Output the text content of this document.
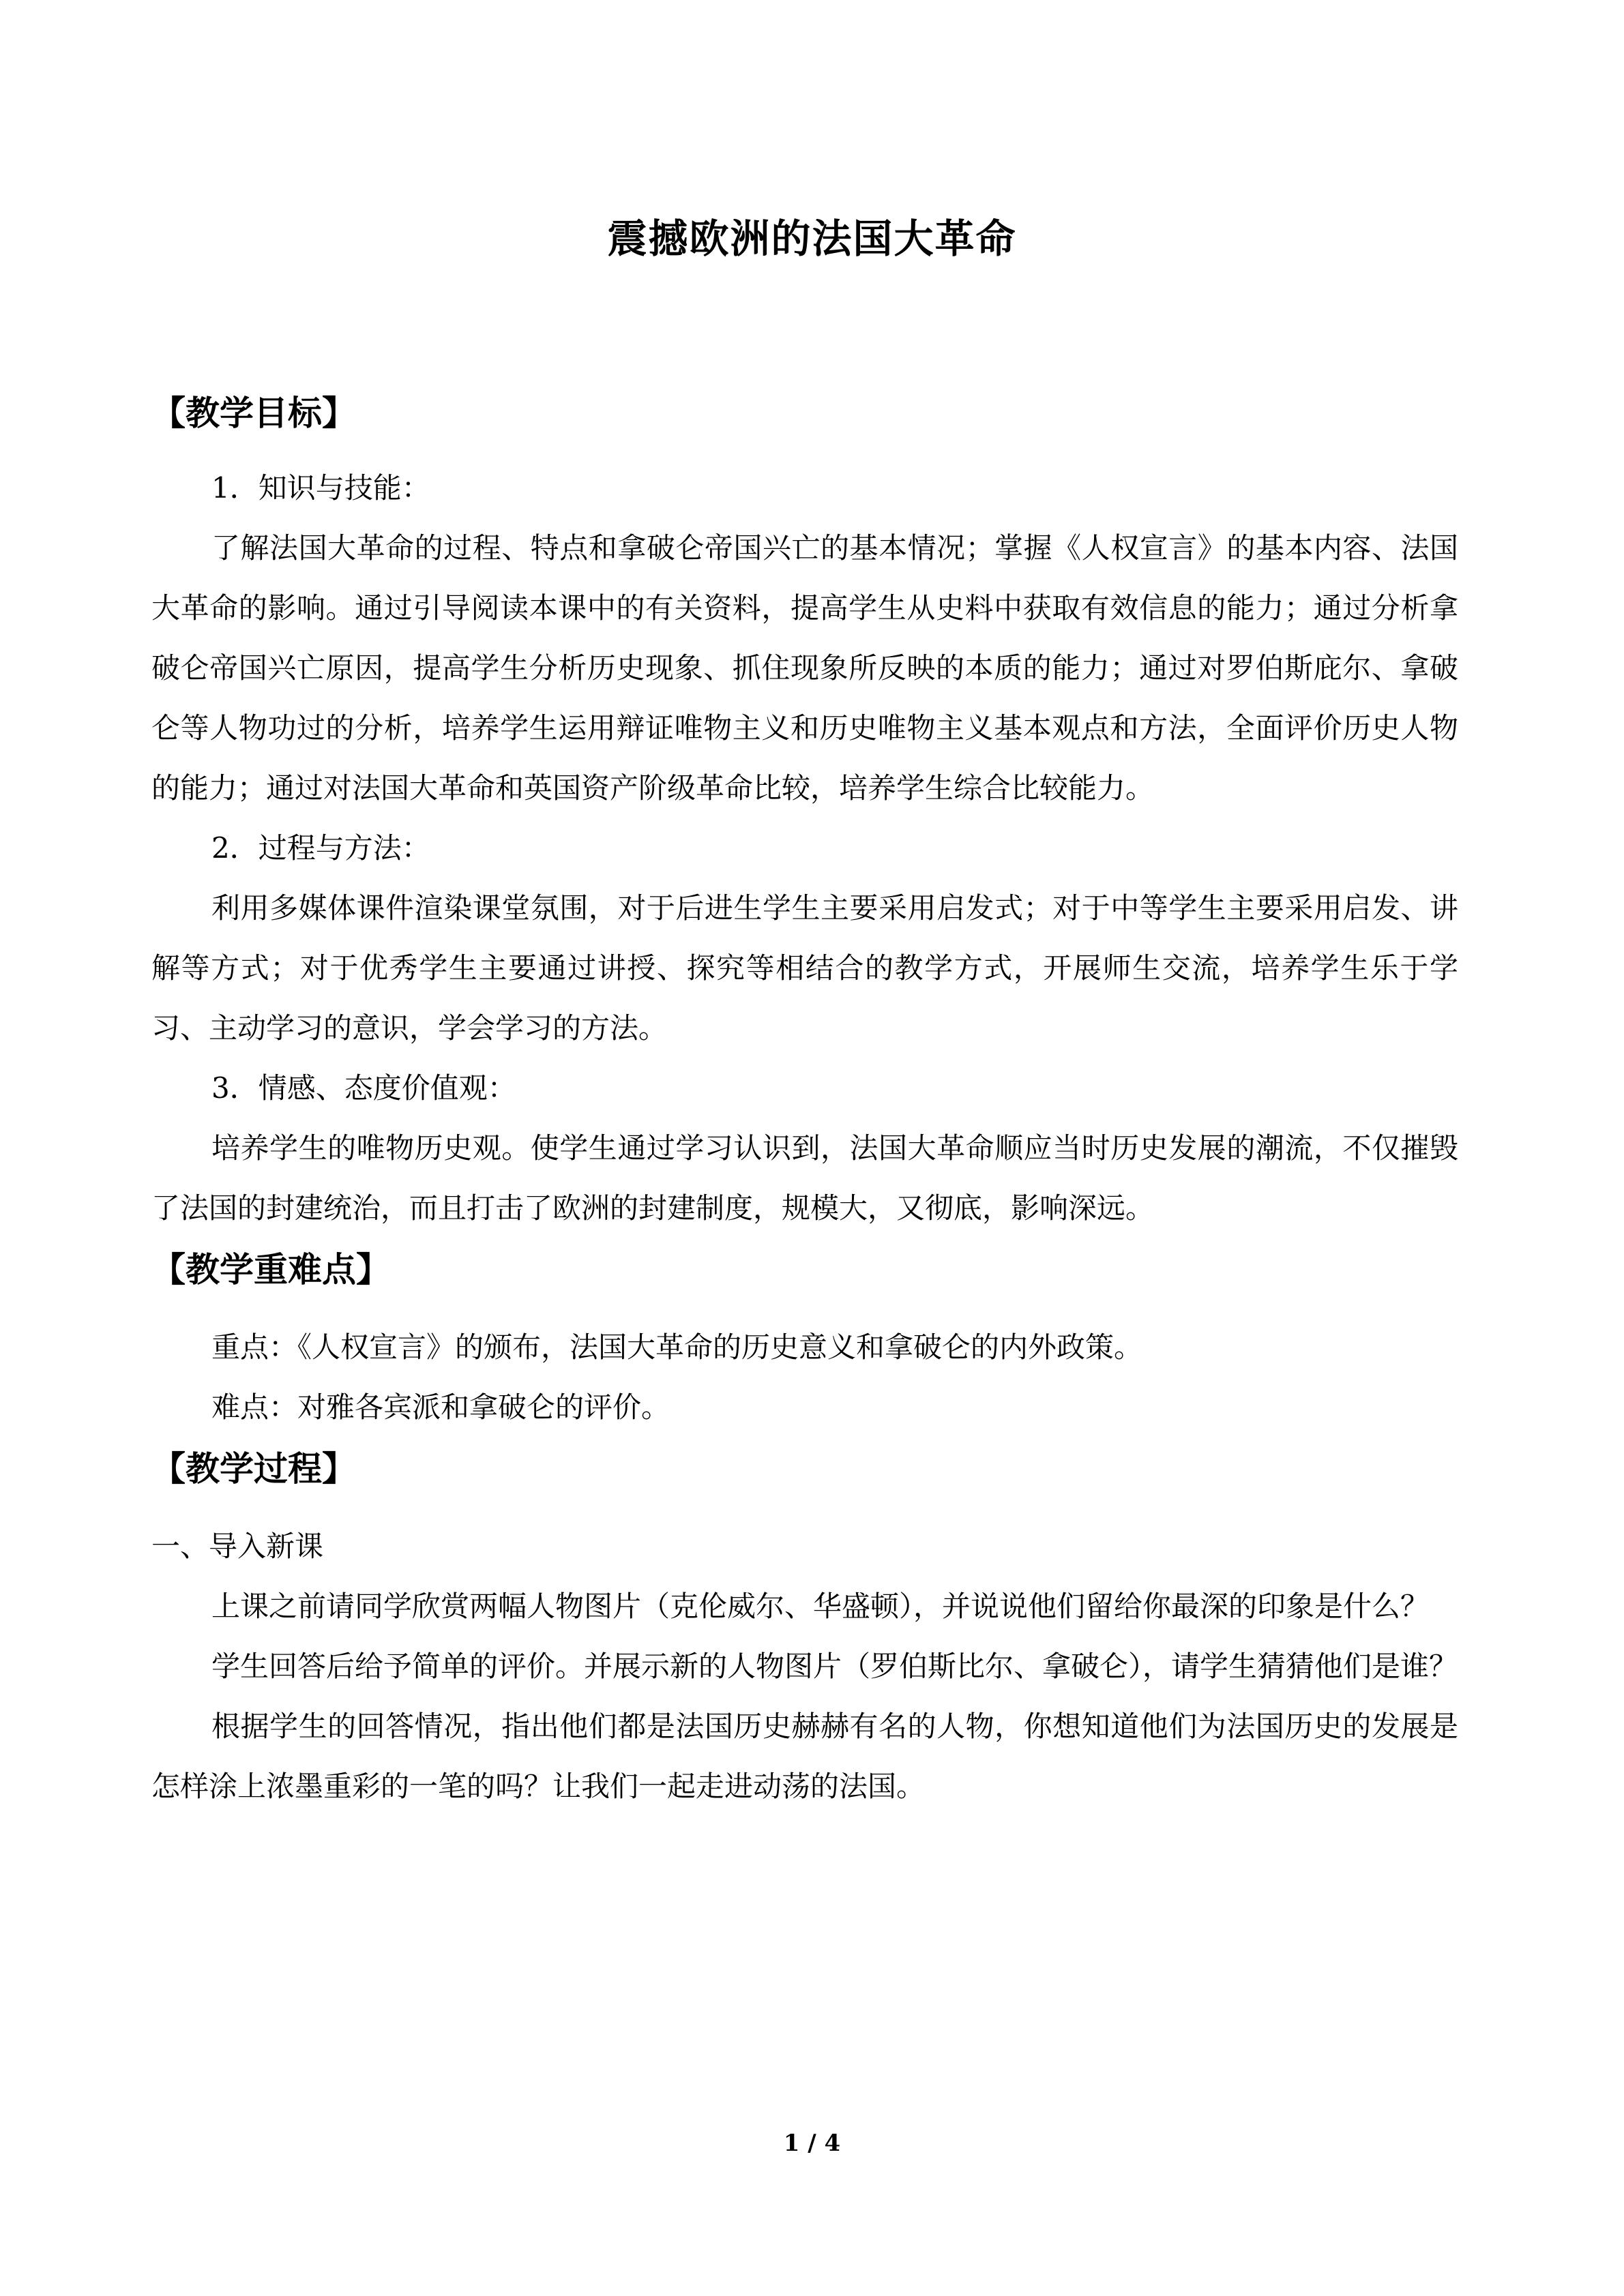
震撼欧洲的法国大革命
【教学目标】

1．知识与技能：

了解法国大革命的过程、特点和拿破仑帝国兴亡的基本情况；掌握《人权宣言》的基本内容、法国大革命的影响。通过引导阅读本课中的有关资料，提高学生从史料中获取有效信息的能力；通过分析拿破仑帝国兴亡原因，提高学生分析历史现象、抓住现象所反映的本质的能力；通过对罗伯斯庇尔、拿破仑等人物功过的分析，培养学生运用辩证唯物主义和历史唯物主义基本观点和方法，全面评价历史人物的能力；通过对法国大革命和英国资产阶级革命比较，培养学生综合比较能力。

2．过程与方法：

利用多媒体课件渲染课堂氛围，对于后进生学生主要采用启发式；对于中等学生主要采用启发、讲解等方式；对于优秀学生主要通过讲授、探究等相结合的教学方式，开展师生交流，培养学生乐于学习、主动学习的意识，学会学习的方法。

3．情感、态度价值观：

培养学生的唯物历史观。使学生通过学习认识到，法国大革命顺应当时历史发展的潮流，不仅摧毁了法国的封建统治，而且打击了欧洲的封建制度，规模大，又彻底，影响深远。

【教学重难点】

重点：《人权宣言》的颁布，法国大革命的历史意义和拿破仑的内外政策。

难点：对雅各宾派和拿破仑的评价。

【教学过程】

一、导入新课

上课之前请同学欣赏两幅人物图片（克伦威尔、华盛顿），并说说他们留给你最深的印象是什么？

学生回答后给予简单的评价。并展示新的人物图片（罗伯斯比尔、拿破仑），请学生猜猜他们是谁？

根据学生的回答情况，指出他们都是法国历史赫赫有名的人物，你想知道他们为法国历史的发展是怎样涂上浓墨重彩的一笔的吗？让我们一起走进动荡的法国。

1 / 4
